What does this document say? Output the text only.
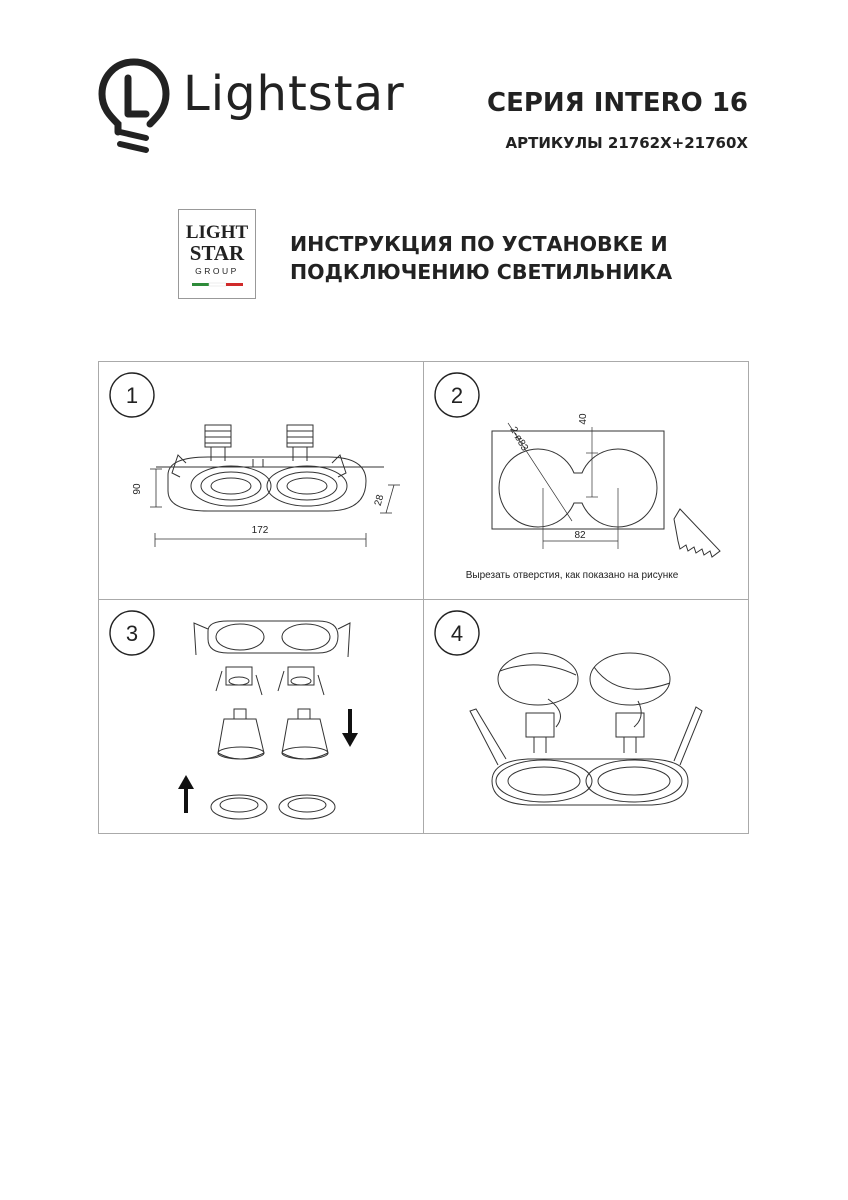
Lightstar	СЕРИЯ INTERO 16
АРТИКУЛЫ 21762X+21760X
LIGHT
STAR
GROUP
ИНСТРУКЦИЯ ПО УСТАНОВКЕ И
ПОДКЛЮЧЕНИЮ СВЕТИЛЬНИКА
1	2
3	4
90
172
28
2-ø83
40
82
Вырезать отверстия, как показано на рисунке
